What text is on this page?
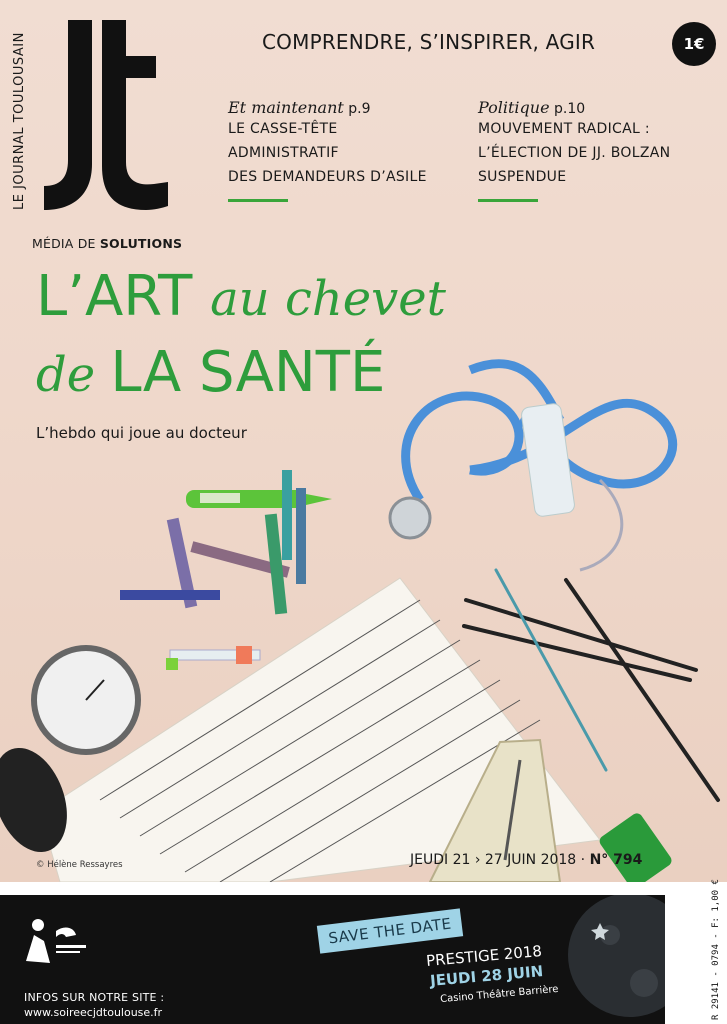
LE JOURNAL TOULOUSAIN	COMPRENDRE, S’INSPIRER, AGIR	1€
Et maintenant p.9
LE CASSE-TÊTE
ADMINISTRATIF
DES DEMANDEURS D’ASILE
Politique p.10
MOUVEMENT RADICAL :
L’ÉLECTION DE JJ. BOLZAN
SUSPENDUE
MÉDIA DE SOLUTIONS
L’ART au chevet
de LA SANTÉ
L’hebdo qui joue au docteur
© Hélène Ressayres	JEUDI 21 › 27 JUIN 2018 · N° 794
INFOS SUR NOTRE SITE :
www.soireecjdtoulouse.fr
SAVE THE DATE
PRESTIGE 2018
JEUDI 28 JUIN
Casino Théâtre Barrière	R 29141 - 0794 - F: 1,00 €
